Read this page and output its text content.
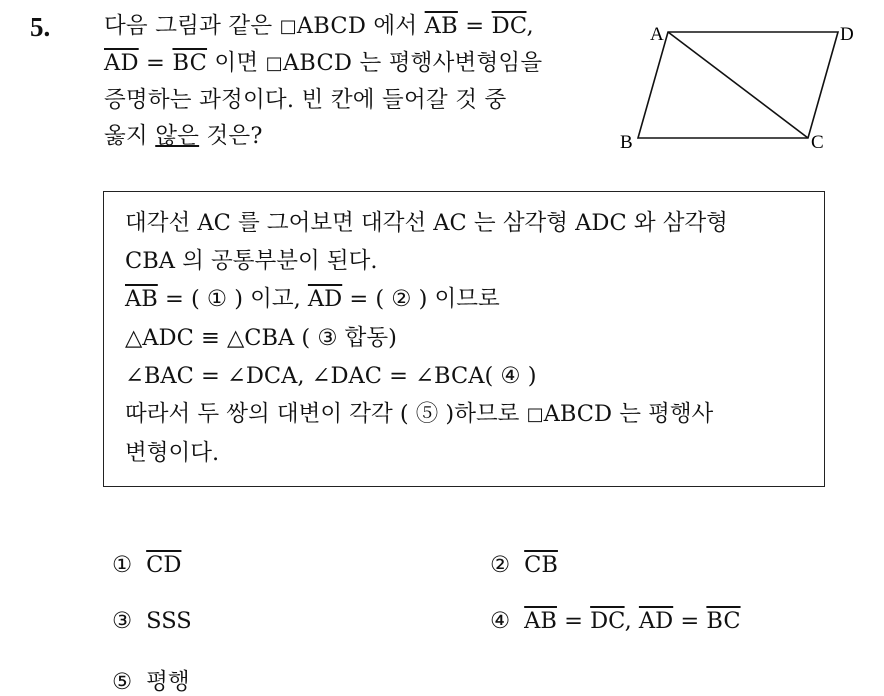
5. 다음 그림과 같은 □ABCD 에서 $\overline{AB} = \overline{DC}$,
$\overline{AD} = \overline{BC}$ 이면 □ABCD 는 평행사변형임을
증명하는 과정이다. 빈 칸에 들어갈 것 중
옳지 않은 것은?
A	D
B	C
대각선 AC 를 그어보면 대각선 AC 는 삼각형 ADC 와 삼각형
CBA 의 공통부분이 된다.
$\overline{AB}$ = ( ① ) 이고, $\overline{AD}$ = ( ② ) 이므로
△ADC ≡ △CBA ( ③ 합동)
∠BAC = ∠DCA, ∠DAC = ∠BCA( ④ )
따라서 두 쌍의 대변이 각각 ( ⑤ )하므로 □ABCD 는 평행사
변형이다.
① $\overline{CD}$	② $\overline{CB}$
③ SSS	④ $\overline{AB} = \overline{DC}$, $\overline{AD} = \overline{BC}$
⑤ 평행
